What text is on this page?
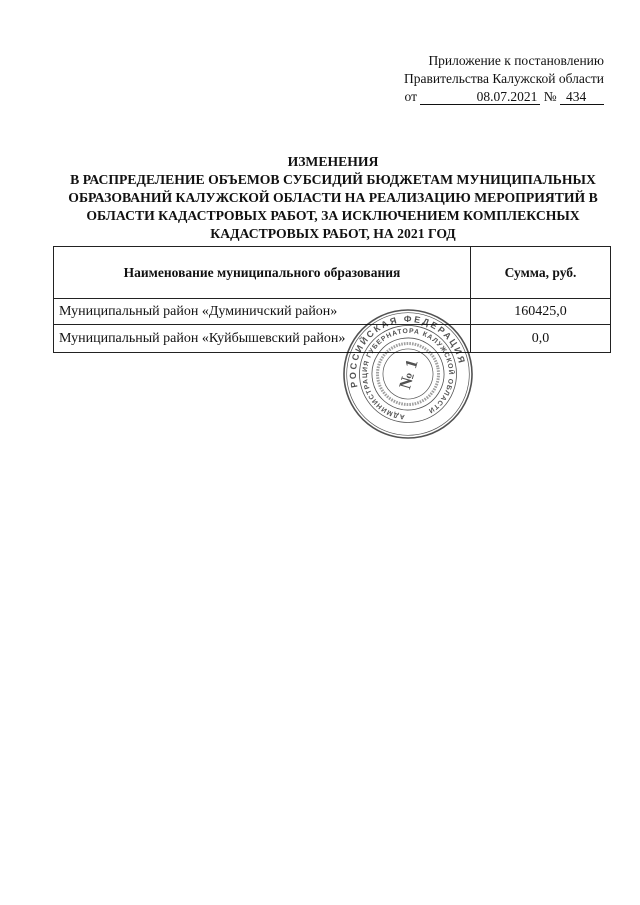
Приложение к постановлению
Правительства Калужской области
от	08.07.2021 № 434
ИЗМЕНЕНИЯ
В РАСПРЕДЕЛЕНИЕ ОБЪЕМОВ СУБСИДИЙ БЮДЖЕТАМ МУНИЦИПАЛЬНЫХ
ОБРАЗОВАНИЙ КАЛУЖСКОЙ ОБЛАСТИ НА РЕАЛИЗАЦИЮ МЕРОПРИЯТИЙ В
ОБЛАСТИ КАДАСТРОВЫХ РАБОТ, ЗА ИСКЛЮЧЕНИЕМ КОМПЛЕКСНЫХ
КАДАСТРОВЫХ РАБОТ, НА 2021 ГОД
Наименование муниципального образования	Сумма, руб.
Муниципальный район «Думиничский район»	160425,0
Муниципальный район «Куйбышевский район»	0,0
РОССИЙСКАЯ ФЕДЕРАЦИЯ
АДМИНИСТРАЦИЯ ГУБЕРНАТОРА КАЛУЖСКОЙ ОБЛАСТИ
№ 1
